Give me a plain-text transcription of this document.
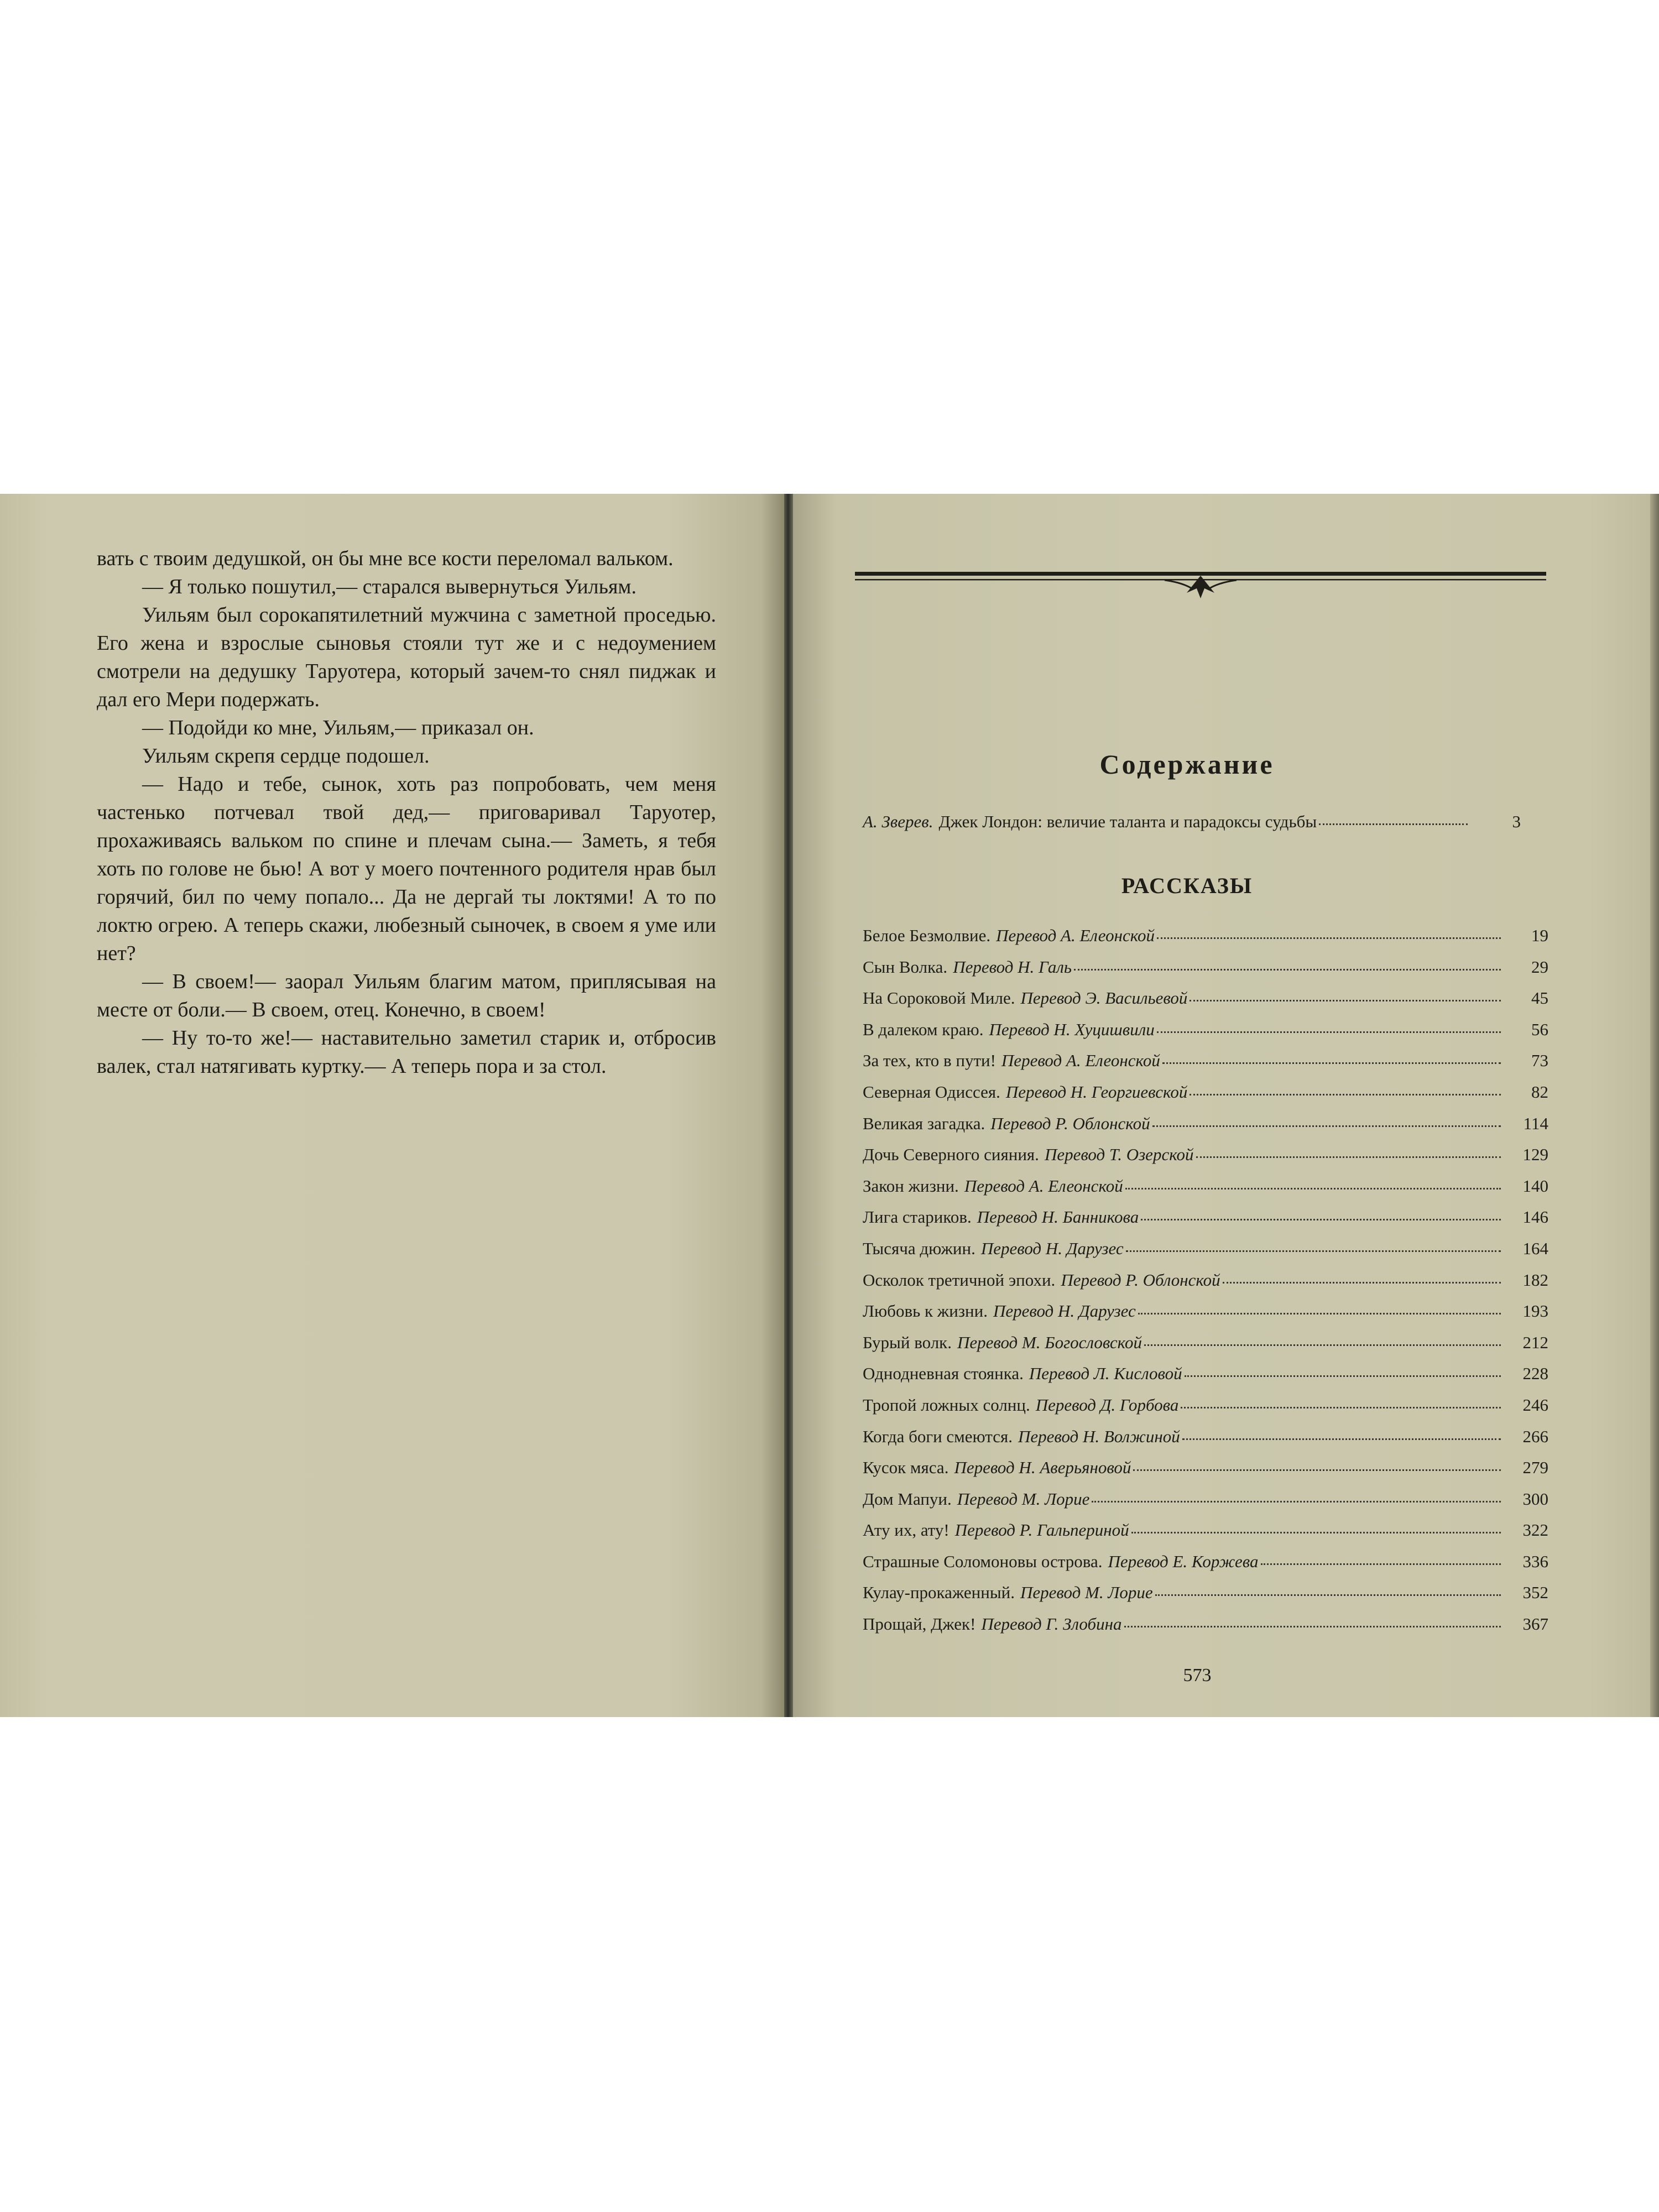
вать с твоим дедушкой, он бы мне все кости переломал вальком.

— Я только пошутил,— старался вывернуться Уильям.

Уильям был сорокапятилетний мужчина с заметной проседью. Его жена и взрослые сыновья стояли тут же и с недоумением смотрели на дедушку Таруотера, который зачем-то снял пиджак и дал его Мери подержать.

— Подойди ко мне, Уильям,— приказал он.

Уильям скрепя сердце подошел.

— Надо и тебе, сынок, хоть раз попробовать, чем меня частенько потчевал твой дед,— приговаривал Таруотер, прохаживаясь вальком по спине и плечам сына.— Заметь, я тебя хоть по голове не бью! А вот у моего почтенного родителя нрав был горячий, бил по чему попало... Да не дергай ты локтями! А то по локтю огрею. А теперь скажи, любезный сыночек, в своем я уме или нет?

— В своем!— заорал Уильям благим матом, приплясывая на месте от боли.— В своем, отец. Конечно, в своем!

— Ну то-то же!— наставительно заметил старик и, отбросив валек, стал натягивать куртку.— А теперь пора и за стол.

Содержание
А. Зверев. Джек Лондон: величие таланта и парадоксы судьбы	3
РАССКАЗЫ
Белое Безмолвие. Перевод А. Елеонской	19
Сын Волка. Перевод Н. Галь	29
На Сороковой Миле. Перевод Э. Васильевой	45
В далеком краю. Перевод Н. Хуцишвили	56
За тех, кто в пути! Перевод А. Елеонской	73
Северная Одиссея. Перевод Н. Георгиевской	82
Великая загадка. Перевод Р. Облонской	114
Дочь Северного сияния. Перевод Т. Озерской	129
Закон жизни. Перевод А. Елеонской	140
Лига стариков. Перевод Н. Банникова	146
Тысяча дюжин. Перевод Н. Дарузес	164
Осколок третичной эпохи. Перевод Р. Облонской	182
Любовь к жизни. Перевод Н. Дарузес	193
Бурый волк. Перевод М. Богословской	212
Однодневная стоянка. Перевод Л. Кисловой	228
Тропой ложных солнц. Перевод Д. Горбова	246
Когда боги смеются. Перевод Н. Волжиной	266
Кусок мяса. Перевод Н. Аверьяновой	279
Дом Мапуи. Перевод М. Лорие	300
Ату их, ату! Перевод Р. Гальпериной	322
Страшные Соломоновы острова. Перевод Е. Коржева	336
Кулау-прокаженный. Перевод М. Лорие	352
Прощай, Джек! Перевод Г. Злобина	367
573
